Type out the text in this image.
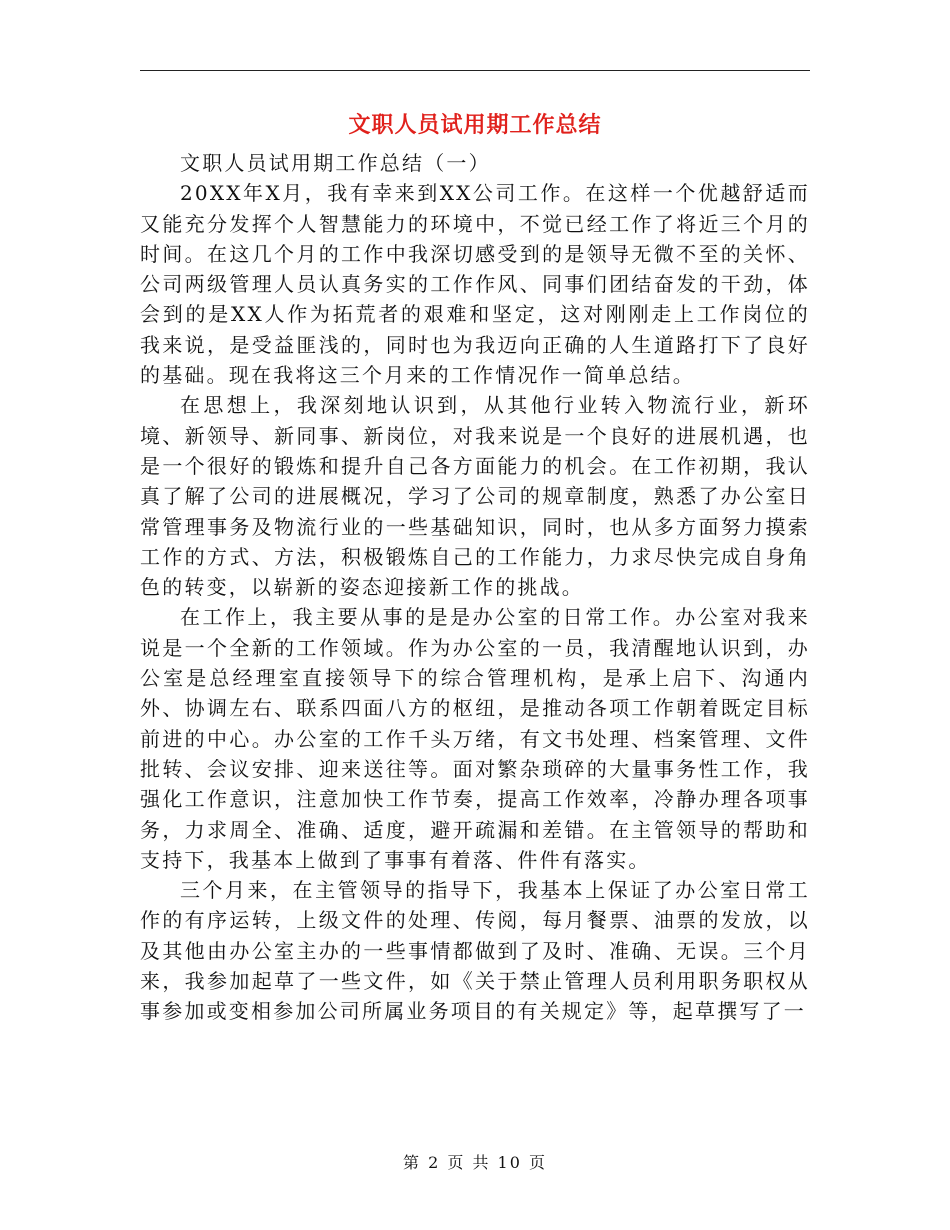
文职人员试用期工作总结

文职人员试用期工作总结（一）

20XX年X月，我有幸来到XX公司工作。在这样一个优越舒适而又能充分发挥个人智慧能力的环境中，不觉已经工作了将近三个月的时间。在这几个月的工作中我深切感受到的是领导无微不至的关怀、公司两级管理人员认真务实的工作作风、同事们团结奋发的干劲，体会到的是XX人作为拓荒者的艰难和坚定，这对刚刚走上工作岗位的我来说，是受益匪浅的，同时也为我迈向正确的人生道路打下了良好的基础。现在我将这三个月来的工作情况作一简单总结。

在思想上，我深刻地认识到，从其他行业转入物流行业，新环境、新领导、新同事、新岗位，对我来说是一个良好的进展机遇，也是一个很好的锻炼和提升自己各方面能力的机会。在工作初期，我认真了解了公司的进展概况，学习了公司的规章制度，熟悉了办公室日常管理事务及物流行业的一些基础知识，同时，也从多方面努力摸索工作的方式、方法，积极锻炼自己的工作能力，力求尽快完成自身角色的转变，以崭新的姿态迎接新工作的挑战。

在工作上，我主要从事的是是办公室的日常工作。办公室对我来说是一个全新的工作领域。作为办公室的一员，我清醒地认识到，办公室是总经理室直接领导下的综合管理机构，是承上启下、沟通内外、协调左右、联系四面八方的枢纽，是推动各项工作朝着既定目标前进的中心。办公室的工作千头万绪，有文书处理、档案管理、文件批转、会议安排、迎来送往等。面对繁杂琐碎的大量事务性工作，我强化工作意识，注意加快工作节奏，提高工作效率，冷静办理各项事务，力求周全、准确、适度，避开疏漏和差错。在主管领导的帮助和支持下，我基本上做到了事事有着落、件件有落实。

三个月来，在主管领导的指导下，我基本上保证了办公室日常工作的有序运转，上级文件的处理、传阅，每月餐票、油票的发放，以及其他由办公室主办的一些事情都做到了及时、准确、无误。三个月来，我参加起草了一些文件，如《关于禁止管理人员利用职务职权从事参加或变相参加公司所属业务项目的有关规定》等，起草撰写了一

第 2 页 共 10 页
